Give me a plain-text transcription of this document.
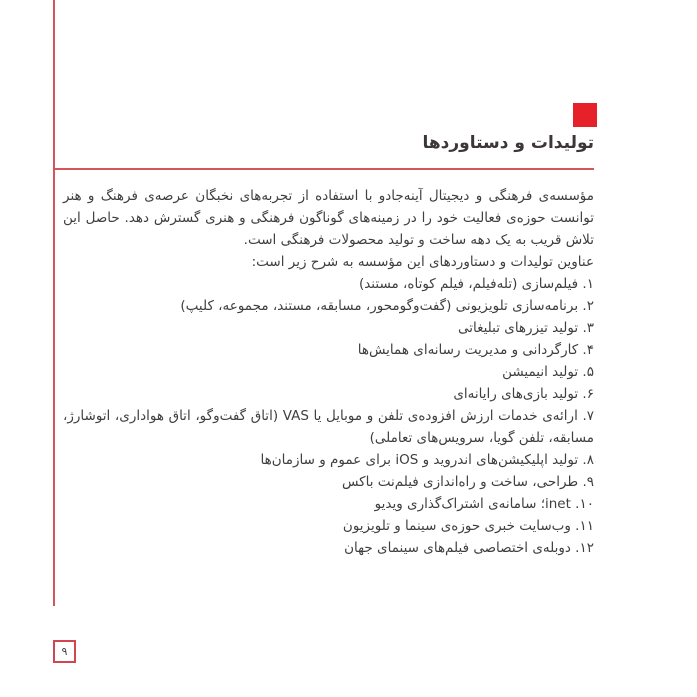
تولیدات و دستاوردها

مؤسسه‌ی فرهنگی و دیجیتال آینه‌جادو با استفاده از تجربه‌های نخبگان عرصه‌ی فرهنگ و هنر توانست حوزه‌ی فعالیت خود را در زمینه‌های گوناگون فرهنگی و هنری گسترش دهد. حاصل این تلاش قریب به یک دهه ساخت و تولید محصولات فرهنگی است.

عناوین تولیدات و دستاوردهای این مؤسسه به شرح زیر است:

۱. فیلم‌سازی (تله‌فیلم، فیلم کوتاه، مستند)
۲. برنامه‌سازی تلویزیونی (گفت‌وگومحور، مسابقه، مستند، مجموعه، کلیپ)
۳. تولید تیزرهای تبلیغاتی
۴. کارگردانی و مدیریت رسانه‌ای همایش‌ها
۵. تولید انیمیشن
۶. تولید بازی‌های رایانه‌ای
۷. ارائه‌ی خدمات ارزش افزوده‌ی تلفن و موبایل یا VAS (اتاق گفت‌وگو، اتاق هواداری، اتوشارژ، مسابقه، تلفن گویا، سرویس‌های تعاملی)
۸. تولید اپلیکیشن‌های اندروید و iOS برای عموم و سازمان‌ها
۹. طراحی، ساخت و راه‌اندازی فیلم‌نت باکس
۱۰. inet؛ سامانه‌ی اشتراک‌گذاری ویدیو
۱۱. وب‌سایت خبری حوزه‌ی سینما و تلویزیون
۱۲. دوبله‌ی اختصاصی فیلم‌های سینمای جهان
۹
